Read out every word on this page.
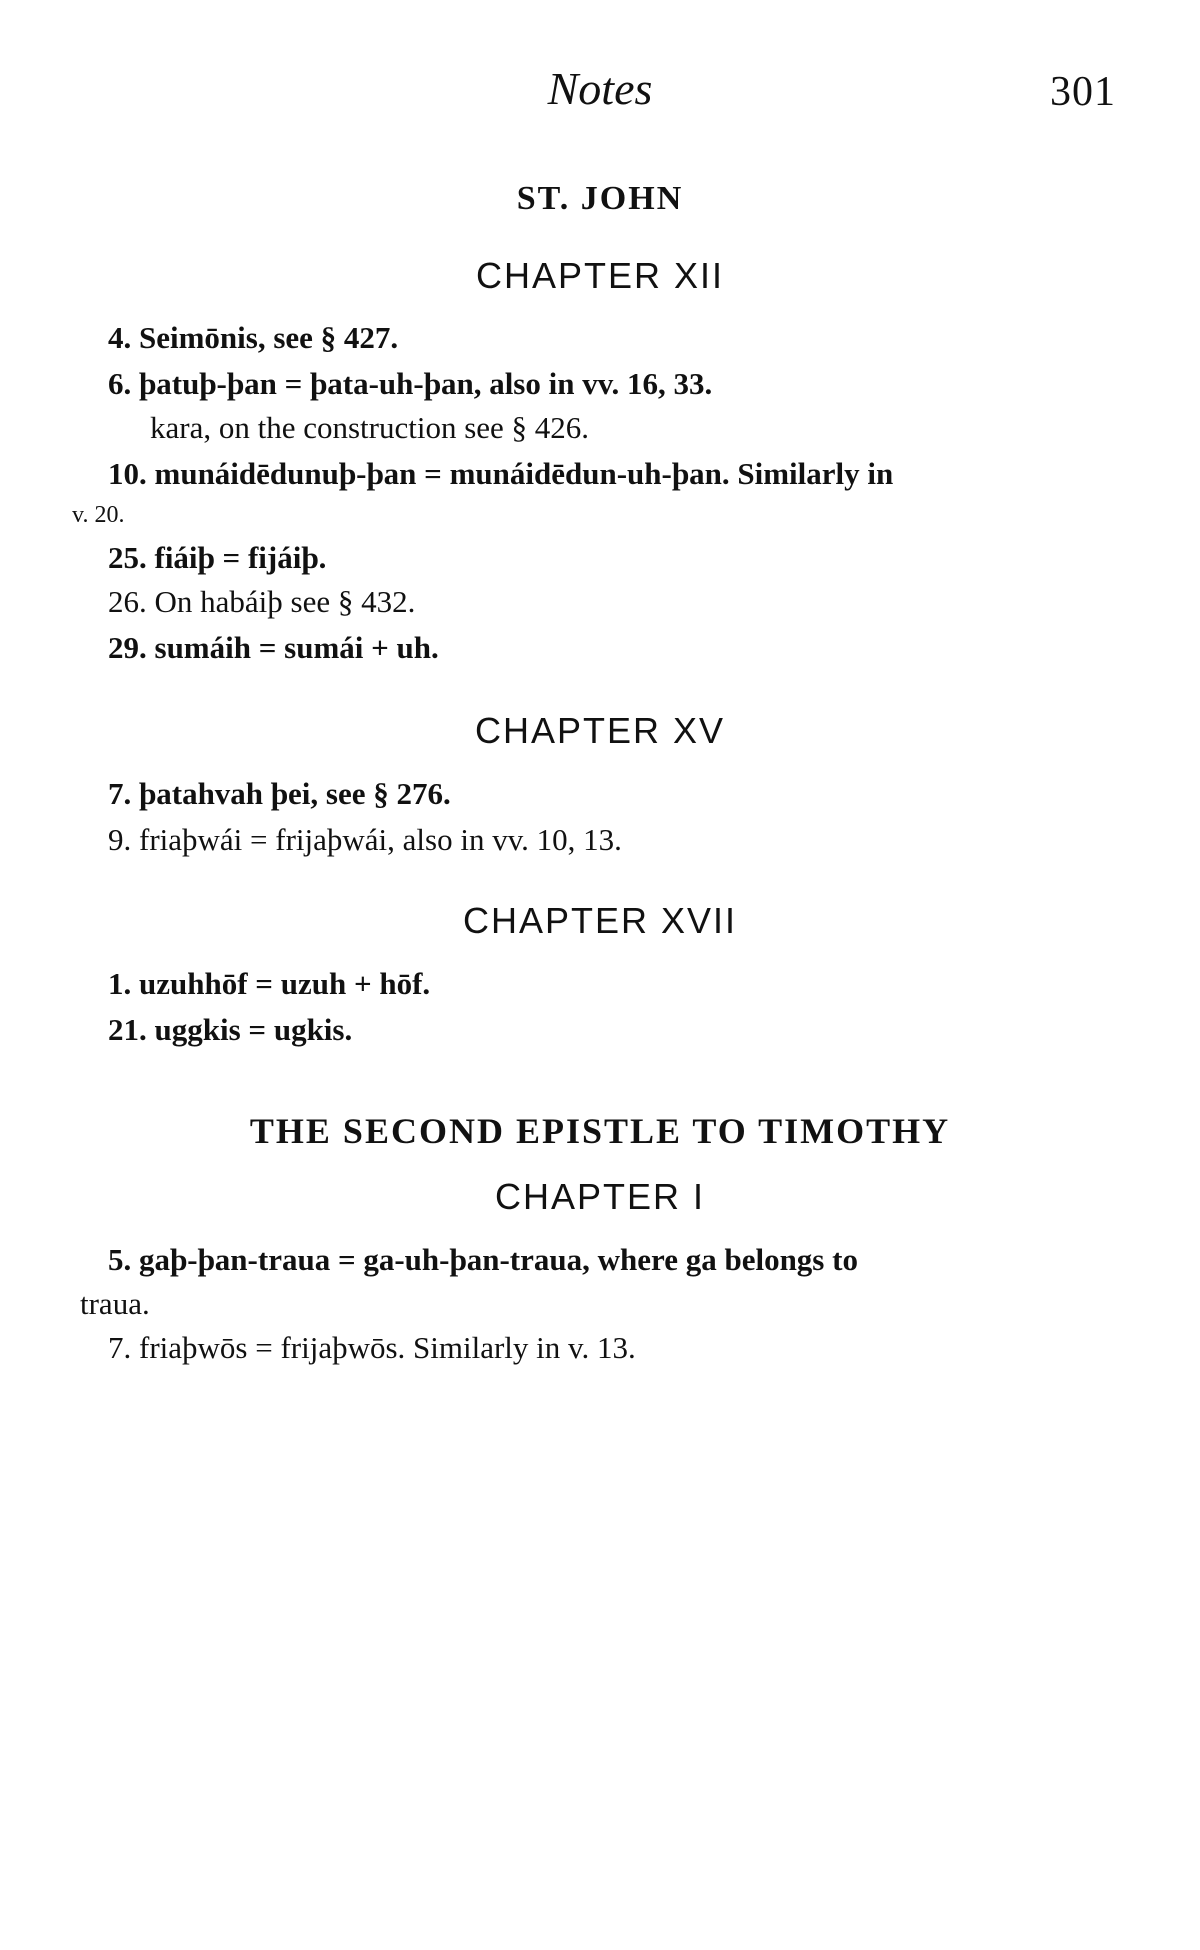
Notes	301
ST. JOHN
CHAPTER XII
4. Seimōnis, see § 427.
6. þatuþ-þan = þata-uh-þan, also in vv. 16, 33.
kara, on the construction see § 426.
10. munáidēdunuþ-þan = munáidēdun-uh-þan. Similarly in
v. 20.
25. fiáiþ = fijáiþ.
26. On habáiþ see § 432.
29. sumáih = sumái + uh.
CHAPTER XV
7. þatahvah þei, see § 276.
9. friaþwái = frijaþwái, also in vv. 10, 13.
CHAPTER XVII
1. uzuhhōf = uzuh + hōf.
21. uggkis = ugkis.
THE SECOND EPISTLE TO TIMOTHY
CHAPTER I
5. gaþ-þan-traua = ga-uh-þan-traua, where ga belongs to
traua.
7. friaþwōs = frijaþwōs. Similarly in v. 13.
